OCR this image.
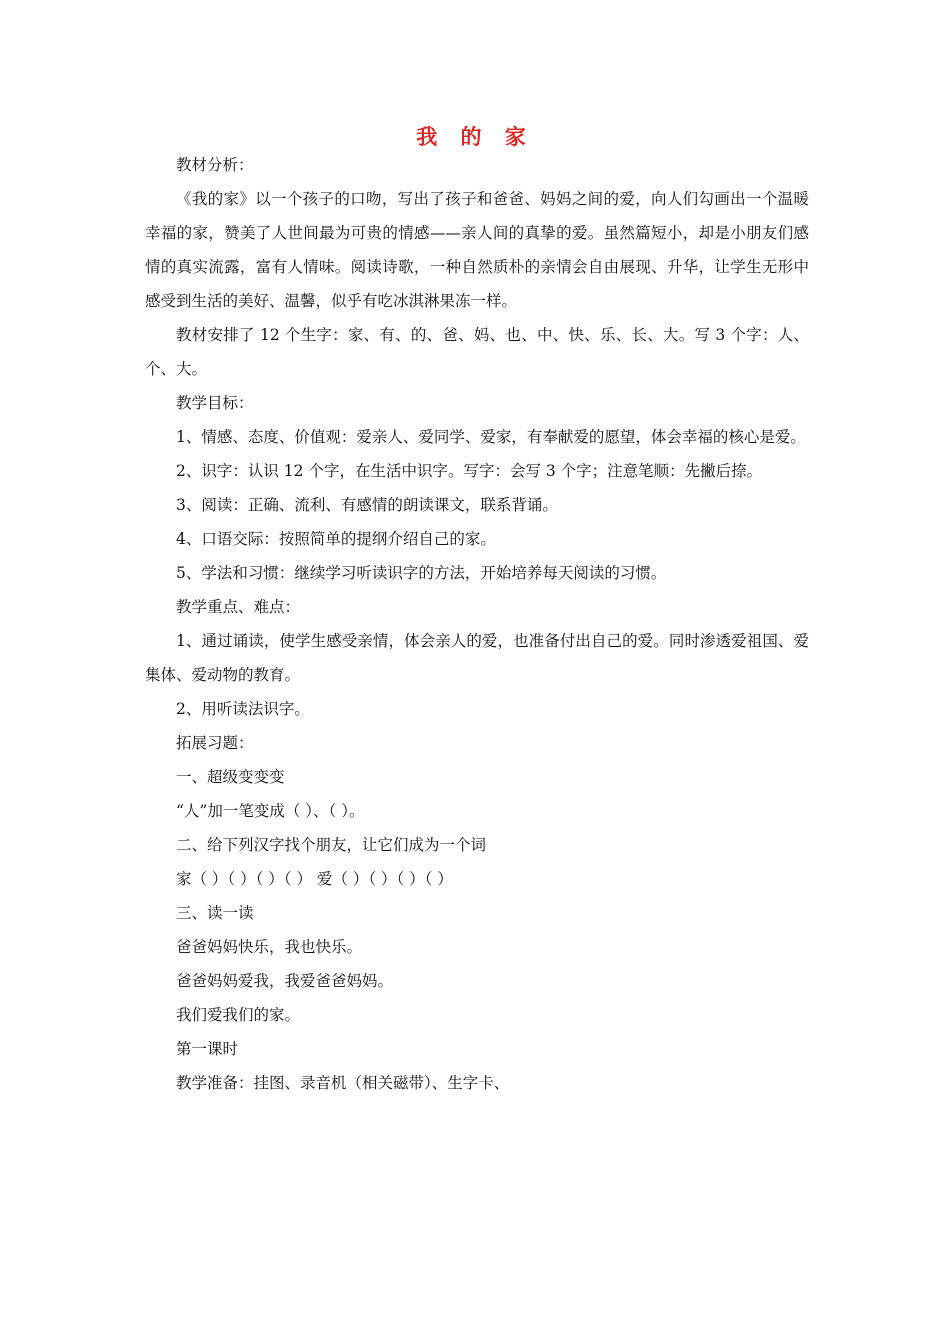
我 的 家

教材分析：

《我的家》以一个孩子的口吻，写出了孩子和爸爸、妈妈之间的爱，向人们勾画出一个温暖幸福的家，赞美了人世间最为可贵的情感——亲人间的真挚的爱。虽然篇短小，却是小朋友们感情的真实流露，富有人情味。阅读诗歌，一种自然质朴的亲情会自由展现、升华，让学生无形中感受到生活的美好、温馨，似乎有吃冰淇淋果冻一样。

教材安排了 12 个生字：家、有、的、爸、妈、也、中、快、乐、长、大。写 3 个字：人、个、大。

教学目标：

1、情感、态度、价值观：爱亲人、爱同学、爱家，有奉献爱的愿望，体会幸福的核心是爱。

2、识字：认识 12 个字，在生活中识字。写字：会写 3 个字；注意笔顺：先撇后捺。

3、阅读：正确、流利、有感情的朗读课文，联系背诵。

4、口语交际：按照简单的提纲介绍自己的家。

5、学法和习惯：继续学习听读识字的方法，开始培养每天阅读的习惯。

教学重点、难点：

1、通过诵读，使学生感受亲情，体会亲人的爱，也准备付出自己的爱。同时渗透爱祖国、爱集体、爱动物的教育。

2、用听读法识字。

拓展习题：

一、超级变变变

“人”加一笔变成（ ）、（ ）。

二、给下列汉字找个朋友，让它们成为一个词

家（ ）（ ）（ ）（ ） 爱（ ）（ ）（ ）（ ）

三、读一读

爸爸妈妈快乐，我也快乐。

爸爸妈妈爱我，我爱爸爸妈妈。

我们爱我们的家。

第一课时

教学准备：挂图、录音机（相关磁带）、生字卡、
